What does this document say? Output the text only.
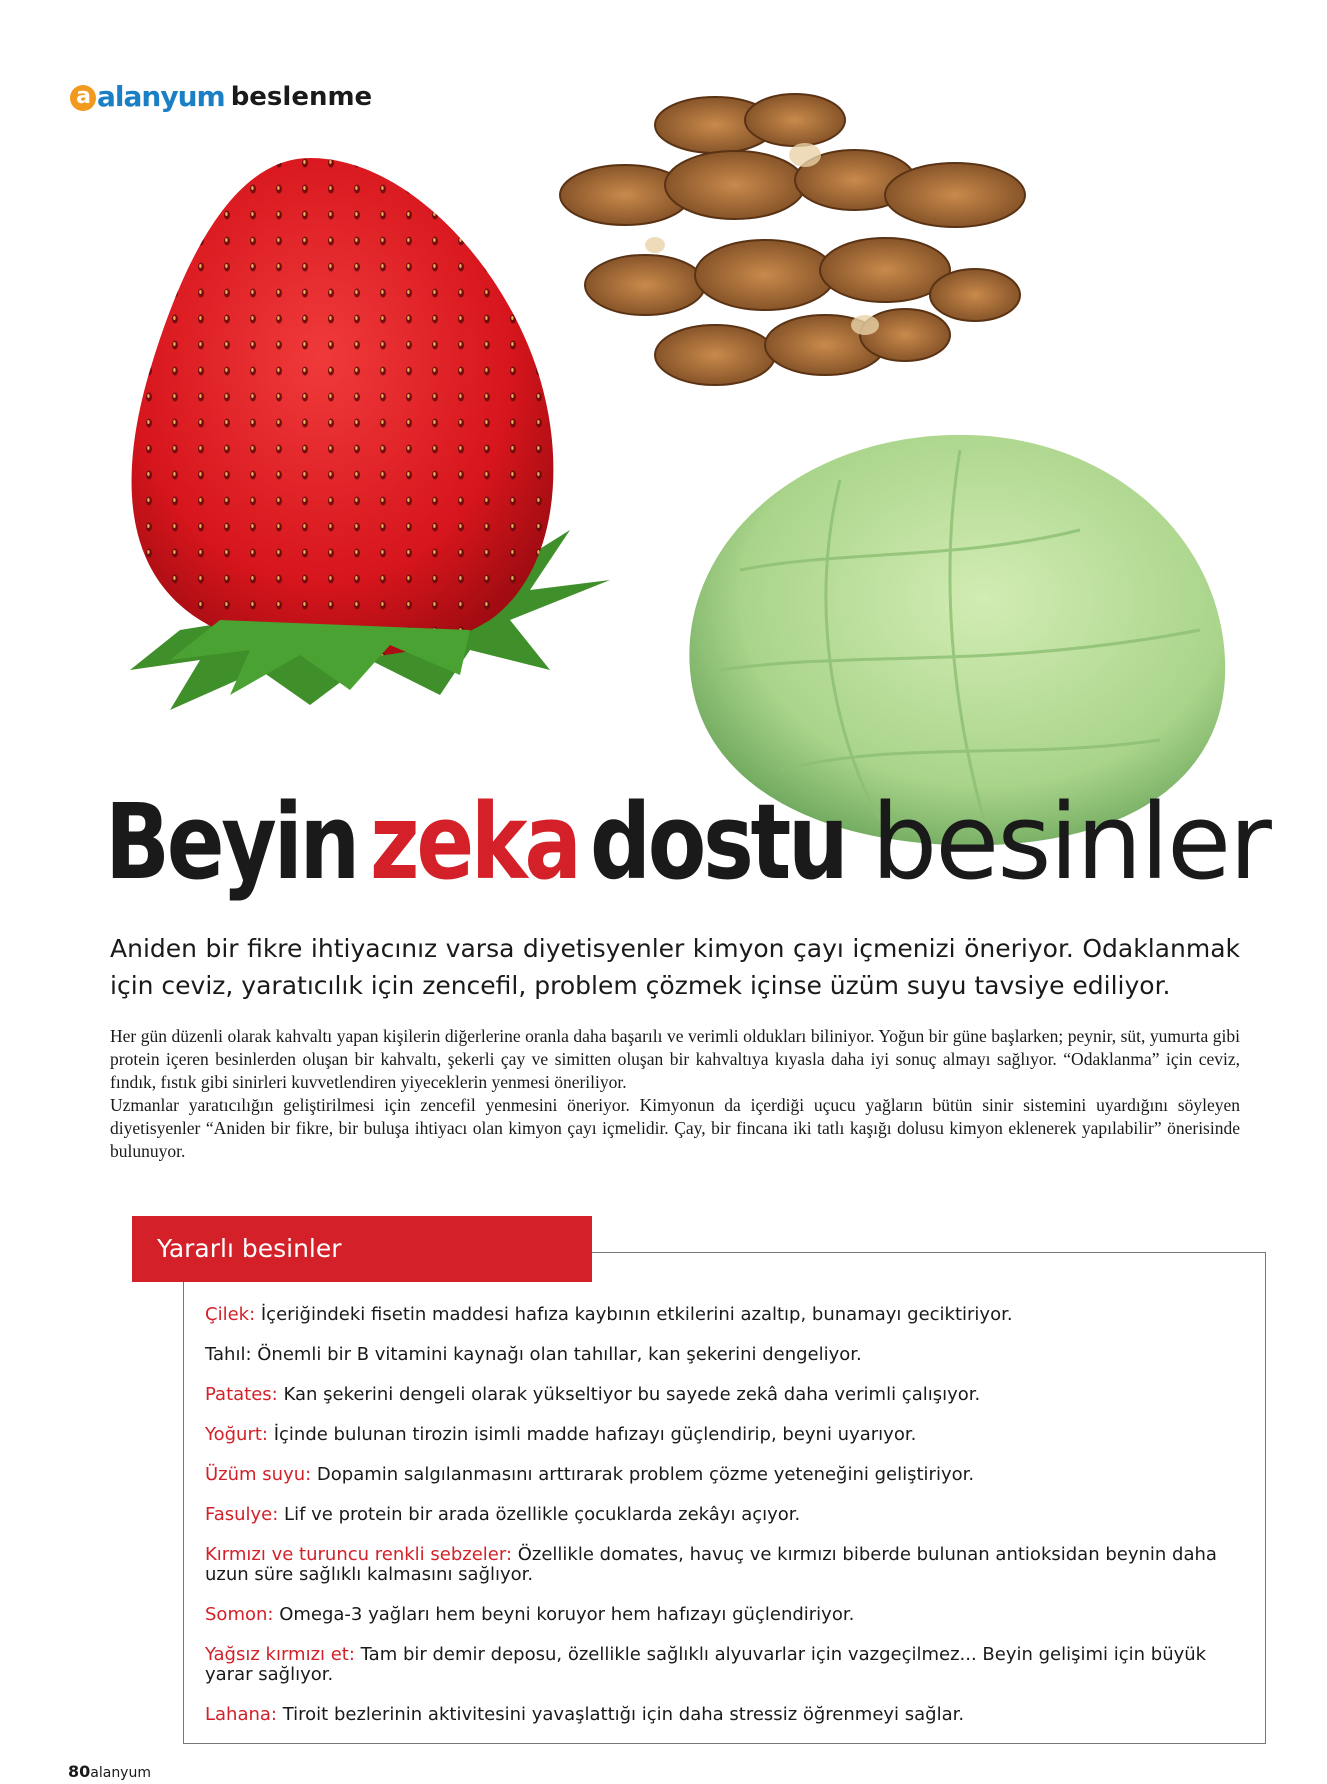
a alanyum beslenme
Beyin zeka dostu besinler
Aniden bir fikre ihtiyacınız varsa diyetisyenler kimyon çayı içmenizi öneriyor. Odaklanmak için ceviz, yaratıcılık için zencefil, problem çözmek içinse üzüm suyu tavsiye ediliyor.

Her gün düzenli olarak kahvaltı yapan kişilerin diğerlerine oranla daha başarılı ve verimli oldukları biliniyor. Yoğun bir güne başlarken; peynir, süt, yumurta gibi protein içeren besinlerden oluşan bir kahvaltı, şekerli çay ve simitten oluşan bir kahvaltıya kıyasla daha iyi sonuç almayı sağlıyor. “Odaklanma” için ceviz, fındık, fıstık gibi sinirleri kuvvetlendiren yiyeceklerin yenmesi öneriliyor.

Uzmanlar yaratıcılığın geliştirilmesi için zencefil yenmesini öneriyor. Kimyonun da içerdiği uçucu yağların bütün sinir sistemini uyardığını söyleyen diyetisyenler “Aniden bir fikre, bir buluşa ihtiyacı olan kimyon çayı içmelidir. Çay, bir fincana iki tatlı kaşığı dolusu kimyon eklenerek yapılabilir” önerisinde bulunuyor.

Yararlı besinler
Çilek: İçeriğindeki fisetin maddesi hafıza kaybının etkilerini azaltıp, bunamayı geciktiriyor.
Tahıl: Önemli bir B vitamini kaynağı olan tahıllar, kan şekerini dengeliyor.
Patates: Kan şekerini dengeli olarak yükseltiyor bu sayede zekâ daha verimli çalışıyor.
Yoğurt: İçinde bulunan tirozin isimli madde hafızayı güçlendirip, beyni uyarıyor.
Üzüm suyu: Dopamin salgılanmasını arttırarak problem çözme yeteneğini geliştiriyor.
Fasulye: Lif ve protein bir arada özellikle çocuklarda zekâyı açıyor.
Kırmızı ve turuncu renkli sebzeler: Özellikle domates, havuç ve kırmızı biberde bulunan antioksidan beynin daha uzun süre sağlıklı kalmasını sağlıyor.
Somon: Omega-3 yağları hem beyni koruyor hem hafızayı güçlendiriyor.
Yağsız kırmızı et: Tam bir demir deposu, özellikle sağlıklı alyuvarlar için vazgeçilmez... Beyin gelişimi için büyük yarar sağlıyor.
Lahana: Tiroit bezlerinin aktivitesini yavaşlattığı için daha stressiz öğrenmeyi sağlar.
80alanyum
